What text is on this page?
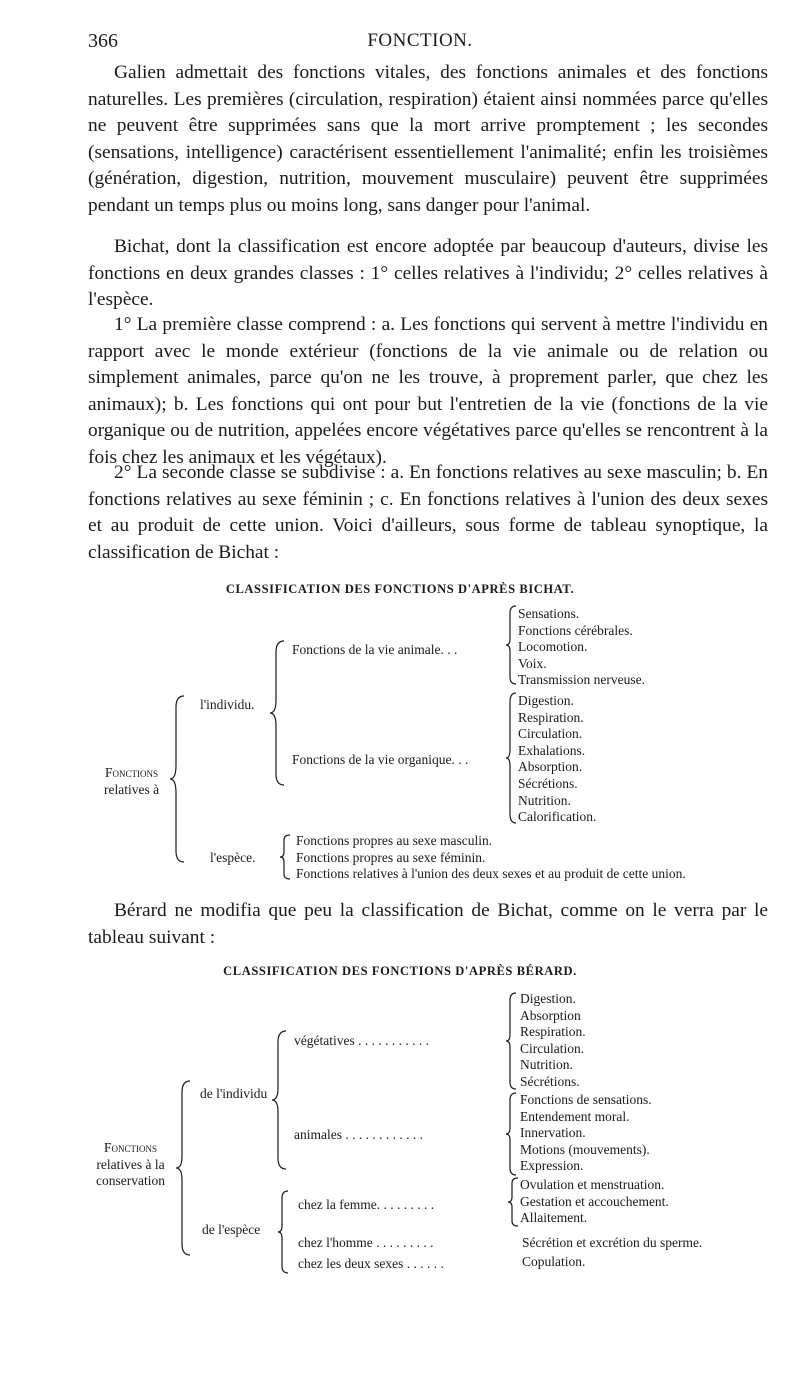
366	FONCTION.

Galien admettait des fonctions vitales, des fonctions animales et des fonctions naturelles. Les premières (circulation, respiration) étaient ainsi nommées parce qu'elles ne peuvent être supprimées sans que la mort arrive promptement ; les secondes (sensations, intelligence) caractérisent essentiellement l'animalité; enfin les troisièmes (génération, digestion, nutrition, mouvement musculaire) peuvent être supprimées pendant un temps plus ou moins long, sans danger pour l'animal.

Bichat, dont la classification est encore adoptée par beaucoup d'auteurs, divise les fonctions en deux grandes classes : 1° celles relatives à l'individu; 2° celles relatives à l'espèce.

1° La première classe comprend : a. Les fonctions qui servent à mettre l'individu en rapport avec le monde extérieur (fonctions de la vie animale ou de relation ou simplement animales, parce qu'on ne les trouve, à proprement parler, que chez les animaux); b. Les fonctions qui ont pour but l'entretien de la vie (fonctions de la vie organique ou de nutrition, appelées encore végétatives parce qu'elles se rencontrent à la fois chez les animaux et les végétaux).

2° La seconde classe se subdivise : a. En fonctions relatives au sexe masculin; b. En fonctions relatives au sexe féminin ; c. En fonctions relatives à l'union des deux sexes et au produit de cette union. Voici d'ailleurs, sous forme de tableau synoptique, la classification de Bichat :

CLASSIFICATION DES FONCTIONS D'APRÈS BICHAT.
Fonctions
relatives à
l'individu.
Fonctions de la vie animale. . .
Sensations.
Fonctions cérébrales.
Locomotion.
Voix.
Transmission nerveuse.
Fonctions de la vie organique. . .
Digestion.
Respiration.
Circulation.
Exhalations.
Absorption.
Sécrétions.
Nutrition.
Calorification.
l'espèce.
Fonctions propres au sexe masculin.
Fonctions propres au sexe féminin.
Fonctions relatives à l'union des deux sexes et au produit de cette union.

Bérard ne modifia que peu la classification de Bichat, comme on le verra par le tableau suivant :

CLASSIFICATION DES FONCTIONS D'APRÈS BÉRARD.
Fonctions
relatives à la
conservation
de l'individu
végétatives . . . . . . . . . . .
Digestion.
Absorption
Respiration.
Circulation.
Nutrition.
Sécrétions.
animales . . . . . . . . . . . .
Fonctions de sensations.
Entendement moral.
Innervation.
Motions (mouvements).
Expression.
de l'espèce
chez la femme. . . . . . . . .
Ovulation et menstruation.
Gestation et accouchement.
Allaitement.
chez l'homme . . . . . . . . .	Sécrétion et excrétion du sperme.
chez les deux sexes . . . . . .	Copulation.
